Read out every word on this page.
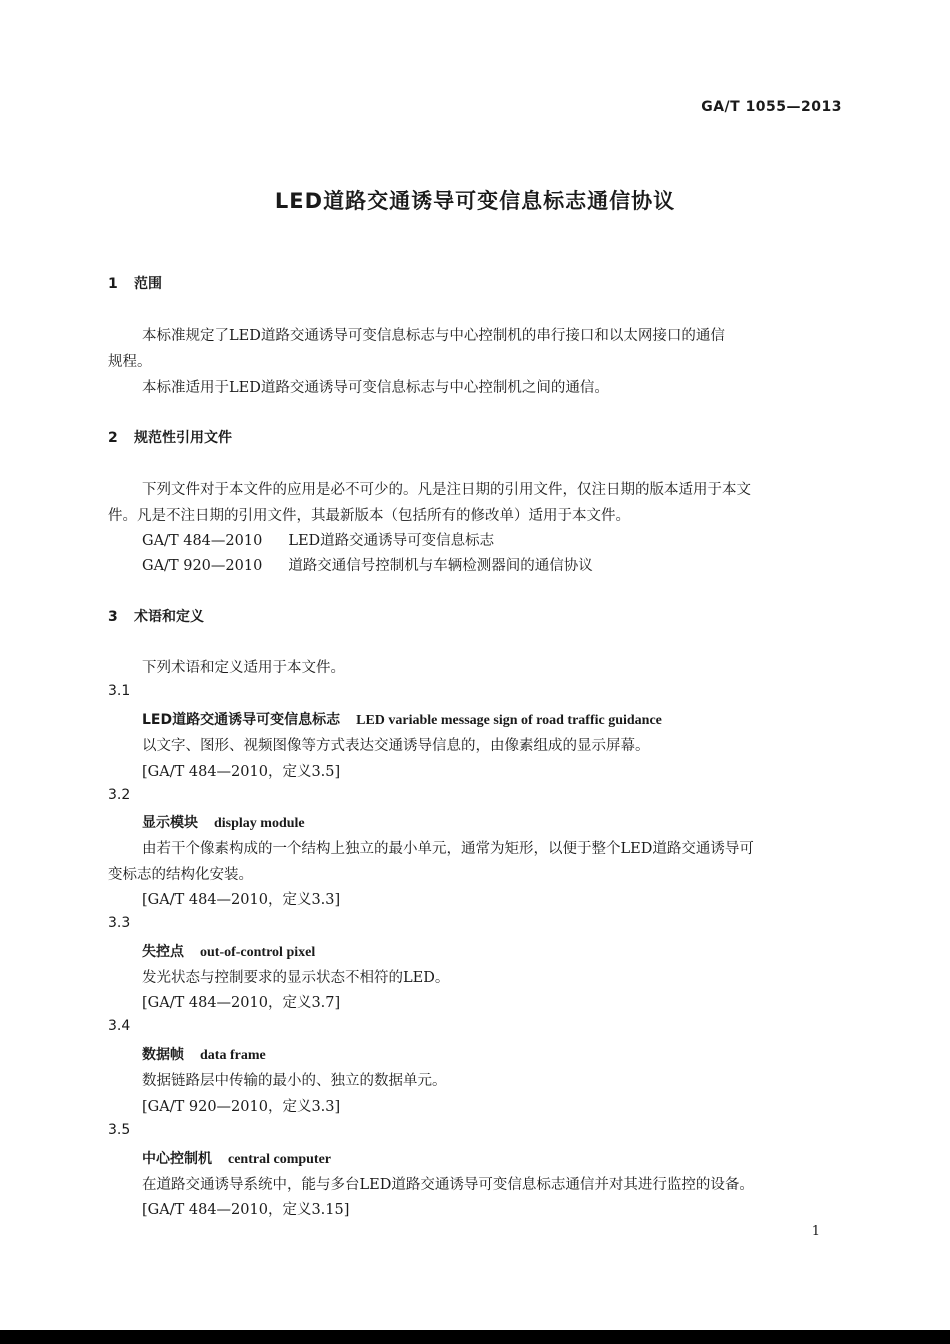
GA/T 1055—2013
LED道路交通诱导可变信息标志通信协议
1 范围
本标准规定了LED道路交通诱导可变信息标志与中心控制机的串行接口和以太网接口的通信
规程。
本标准适用于LED道路交通诱导可变信息标志与中心控制机之间的通信。
2 规范性引用文件
下列文件对于本文件的应用是必不可少的。凡是注日期的引用文件，仅注日期的版本适用于本文
件。凡是不注日期的引用文件，其最新版本（包括所有的修改单）适用于本文件。
GA/T 484—2010 LED道路交通诱导可变信息标志
GA/T 920—2010 道路交通信号控制机与车辆检测器间的通信协议
3 术语和定义
下列术语和定义适用于本文件。
3.1
LED道路交通诱导可变信息标志 LED variable message sign of road traffic guidance
以文字、图形、视频图像等方式表达交通诱导信息的，由像素组成的显示屏幕。
[GA/T 484—2010，定义3.5]
3.2
显示模块 display module
由若干个像素构成的一个结构上独立的最小单元，通常为矩形，以便于整个LED道路交通诱导可
变标志的结构化安装。
[GA/T 484—2010，定义3.3]
3.3
失控点 out-of-control pixel
发光状态与控制要求的显示状态不相符的LED。
[GA/T 484—2010，定义3.7]
3.4
数据帧 data frame
数据链路层中传输的最小的、独立的数据单元。
[GA/T 920—2010，定义3.3]
3.5
中心控制机 central computer
在道路交通诱导系统中，能与多台LED道路交通诱导可变信息标志通信并对其进行监控的设备。
[GA/T 484—2010，定义3.15]
1
